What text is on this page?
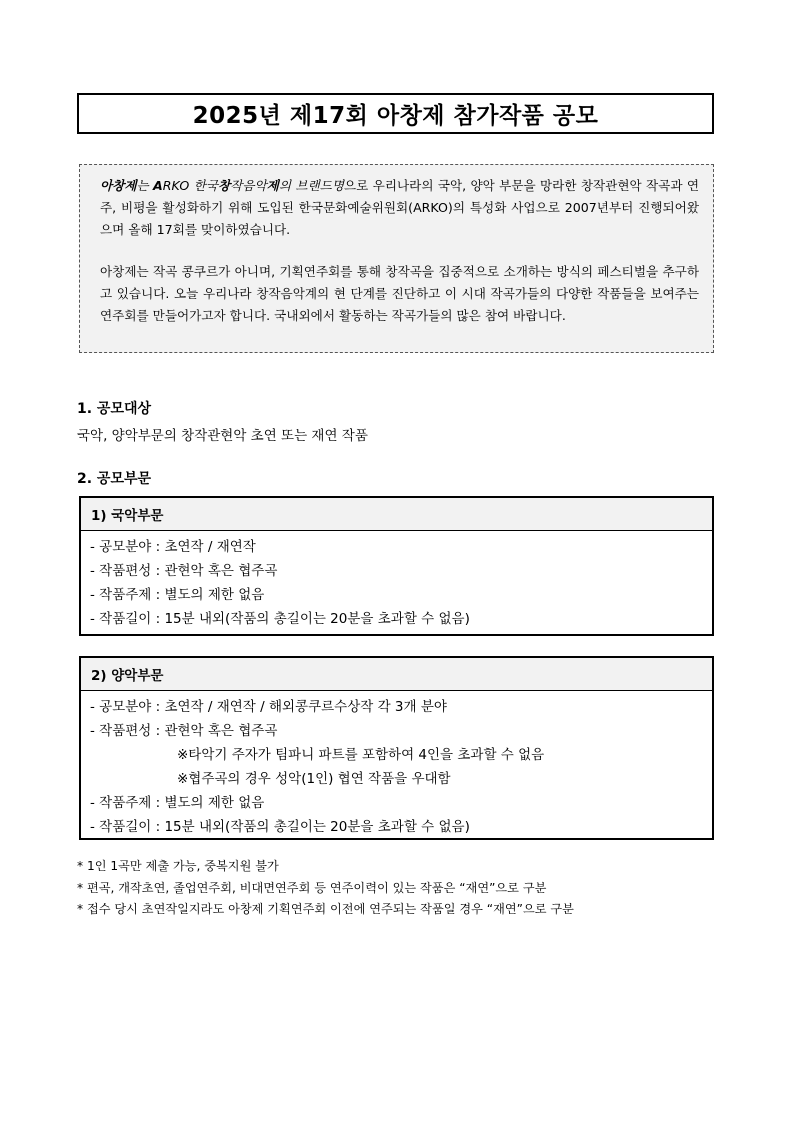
2025년 제17회 아창제 참가작품 공모

아창제는 ARKO 한국창작음악제의 브랜드명으로 우리나라의 국악, 양악 부문을 망라한 창작관현악 작곡과 연주, 비평을 활성화하기 위해 도입된 한국문화예술위원회(ARKO)의 특성화 사업으로 2007년부터 진행되어왔으며 올해 17회를 맞이하였습니다.

아창제는 작곡 콩쿠르가 아니며, 기획연주회를 통해 창작곡을 집중적으로 소개하는 방식의 페스티벌을 추구하고 있습니다. 오늘 우리나라 창작음악계의 현 단계를 진단하고 이 시대 작곡가들의 다양한 작품들을 보여주는 연주회를 만들어가고자 합니다. 국내외에서 활동하는 작곡가들의 많은 참여 바랍니다.

1. 공모대상
국악, 양악부문의 창작관현악 초연 또는 재연 작품
2. 공모부문
1) 국악부문
- 공모분야 : 초연작 / 재연작
- 작품편성 : 관현악 혹은 협주곡
- 작품주제 : 별도의 제한 없음
- 작품길이 : 15분 내외(작품의 총길이는 20분을 초과할 수 없음)
2) 양악부문
- 공모분야 : 초연작 / 재연작 / 해외콩쿠르수상작 각 3개 분야
- 작품편성 : 관현악 혹은 협주곡
※타악기 주자가 팀파니 파트를 포함하여 4인을 초과할 수 없음
※협주곡의 경우 성악(1인) 협연 작품을 우대함
- 작품주제 : 별도의 제한 없음
- 작품길이 : 15분 내외(작품의 총길이는 20분을 초과할 수 없음)
* 1인 1곡만 제출 가능, 중복지원 불가
* 편곡, 개작초연, 졸업연주회, 비대면연주회 등 연주이력이 있는 작품은 “재연”으로 구분
* 접수 당시 초연작일지라도 아창제 기획연주회 이전에 연주되는 작품일 경우 “재연”으로 구분
